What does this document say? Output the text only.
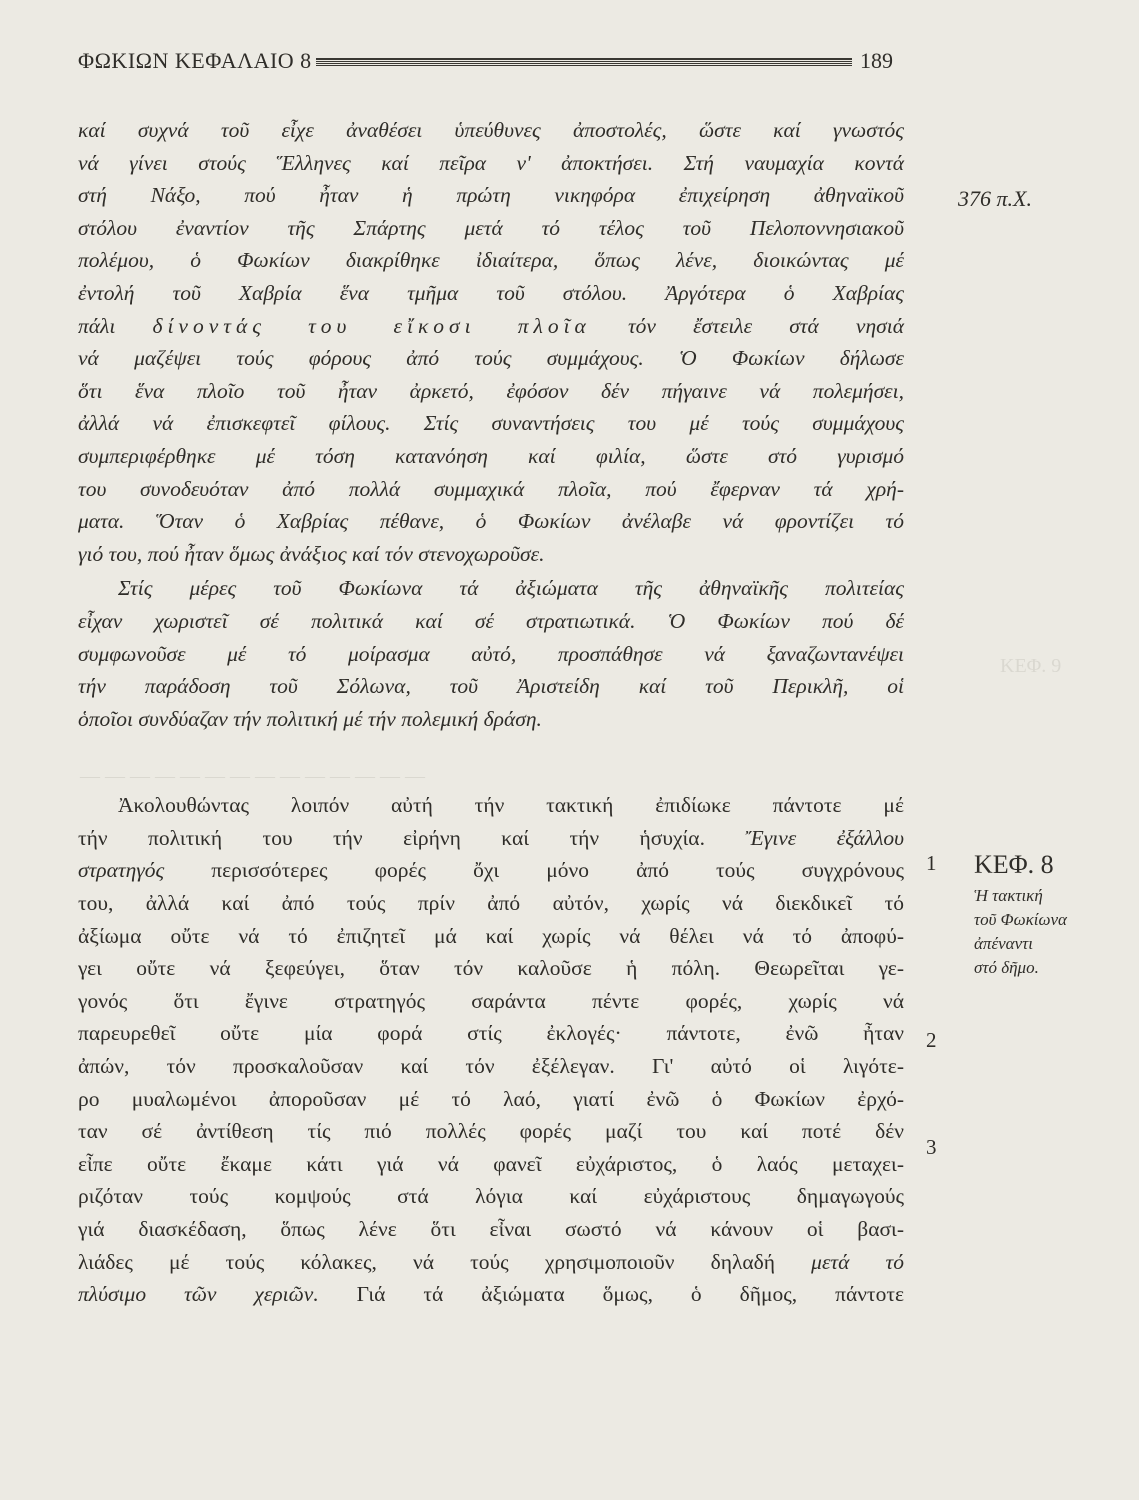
ΦΩΚΙΩΝ ΚΕΦΑΛΑΙΟ 8	189
376 π.Χ.
1
2
3
ΚΕΦ. 8
Ἡ τακτική
τοῦ Φωκίωνα
ἀπέναντι
στό δῆμο.
ΚΕΦ. 9
— — — — — — — — — — — — — —
καί συχνά τοῦ εἶχε ἀναθέσει ὑπεύθυνες ἀποστολές, ὥστε καί γνωστός
νά γίνει στούς Ἕλληνες καί πεῖρα ν' ἀποκτήσει. Στή ναυμαχία κοντά
στή Νάξο, πού ἦταν ἡ πρώτη νικηφόρα ἐπιχείρηση ἀθηναϊκοῦ
στόλου ἐναντίον τῆς Σπάρτης μετά τό τέλος τοῦ Πελοποννησιακοῦ
πολέμου, ὁ Φωκίων διακρίθηκε ἰδιαίτερα, ὅπως λένε, διοικώντας μέ
ἐντολή τοῦ Χαβρία ἕνα τμῆμα τοῦ στόλου. Ἀργότερα ὁ Χαβρίας
πάλι δίνοντάς του εἴκοσι πλοῖα τόν ἔστειλε στά νησιά
νά μαζέψει τούς φόρους ἀπό τούς συμμάχους. Ὁ Φωκίων δήλωσε
ὅτι ἕνα πλοῖο τοῦ ἦταν ἀρκετό, ἐφόσον δέν πήγαινε νά πολεμήσει,
ἀλλά νά ἐπισκεφτεῖ φίλους. Στίς συναντήσεις του μέ τούς συμμάχους
συμπεριφέρθηκε μέ τόση κατανόηση καί φιλία, ὥστε στό γυρισμό
του συνοδευόταν ἀπό πολλά συμμαχικά πλοῖα, πού ἔφερναν τά χρή-
ματα. Ὅταν ὁ Χαβρίας πέθανε, ὁ Φωκίων ἀνέλαβε νά φροντίζει τό
γιό του, πού ἦταν ὅμως ἀνάξιος καί τόν στενοχωροῦσε.
Στίς μέρες τοῦ Φωκίωνα τά ἀξιώματα τῆς ἀθηναϊκῆς πολιτείας
εἶχαν χωριστεῖ σέ πολιτικά καί σέ στρατιωτικά. Ὁ Φωκίων πού δέ
συμφωνοῦσε μέ τό μοίρασμα αὐτό, προσπάθησε νά ξαναζωντανέψει
τήν παράδοση τοῦ Σόλωνα, τοῦ Ἀριστείδη καί τοῦ Περικλῆ, οἱ
ὁποῖοι συνδύαζαν τήν πολιτική μέ τήν πολεμική δράση.
Ἀκολουθώντας λοιπόν αὐτή τήν τακτική ἐπιδίωκε πάντοτε μέ
τήν πολιτική του τήν εἰρήνη καί τήν ἡσυχία. Ἔγινε ἐξάλλου
στρατηγός περισσότερες φορές ὄχι μόνο ἀπό τούς συγχρόνους
του, ἀλλά καί ἀπό τούς πρίν ἀπό αὐτόν, χωρίς νά διεκδικεῖ τό
ἀξίωμα οὔτε νά τό ἐπιζητεῖ μά καί χωρίς νά θέλει νά τό ἀποφύ-
γει οὔτε νά ξεφεύγει, ὅταν τόν καλοῦσε ἡ πόλη. Θεωρεῖται γε-
γονός ὅτι ἔγινε στρατηγός σαράντα πέντε φορές, χωρίς νά
παρευρεθεῖ οὔτε μία φορά στίς ἐκλογές· πάντοτε, ἐνῶ ἦταν
ἀπών, τόν προσκαλοῦσαν καί τόν ἐξέλεγαν. Γι' αὐτό οἱ λιγότε-
ρο μυαλωμένοι ἀποροῦσαν μέ τό λαό, γιατί ἐνῶ ὁ Φωκίων ἐρχό-
ταν σέ ἀντίθεση τίς πιό πολλές φορές μαζί του καί ποτέ δέν
εἶπε οὔτε ἔκαμε κάτι γιά νά φανεῖ εὐχάριστος, ὁ λαός μεταχει-
ριζόταν τούς κομψούς στά λόγια καί εὐχάριστους δημαγωγούς
γιά διασκέδαση, ὅπως λένε ὅτι εἶναι σωστό νά κάνουν οἱ βασι-
λιάδες μέ τούς κόλακες, νά τούς χρησιμοποιοῦν δηλαδή μετά τό
πλύσιμο τῶν χεριῶν. Γιά τά ἀξιώματα ὅμως, ὁ δῆμος, πάντοτε
